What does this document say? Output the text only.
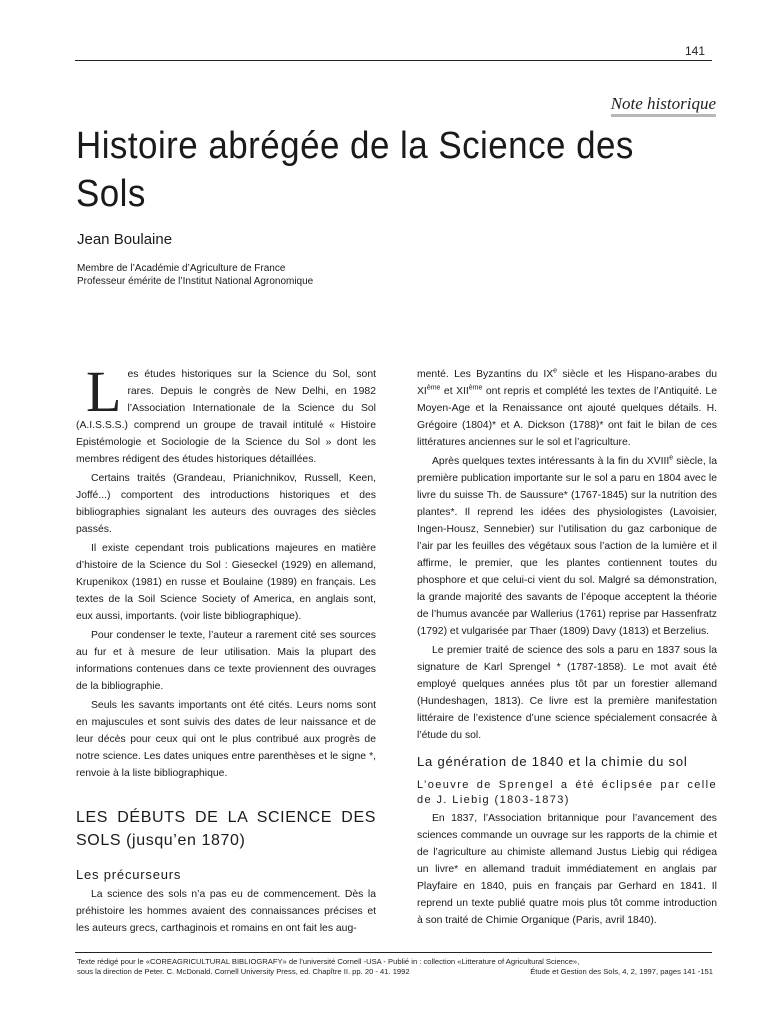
141
Note historique
Histoire abrégée de la Science des Sols
Jean Boulaine
Membre de l’Académie d’Agriculture de France
Professeur émérite de l’Institut National Agronomique

Les études historiques sur la Science du Sol, sont rares. Depuis le congrès de New Delhi, en 1982 l’Association Internationale de la Science du Sol (A.I.S.S.S.) comprend un groupe de travail intitulé « Histoire Epistémologie et Sociologie de la Science du Sol » dont les membres rédigent des études historiques détaillées.

Certains traités (Grandeau, Prianichnikov, Russell, Keen, Joffé...) comportent des introductions historiques et des bibliographies signalant les auteurs des ouvrages des siècles passés.

Il existe cependant trois publications majeures en matière d’histoire de la Science du Sol : Gieseckel (1929) en allemand, Krupenikox (1981) en russe et Boulaine (1989) en français. Les textes de la Soil Science Society of America, en anglais sont, eux aussi, importants. (voir liste bibliographique).

Pour condenser le texte, l’auteur a rarement cité ses sources au fur et à mesure de leur utilisation. Mais la plupart des informations contenues dans ce texte proviennent des ouvrages de la bibliographie.

Seuls les savants importants ont été cités. Leurs noms sont en majuscules et sont suivis des dates de leur naissance et de leur décès pour ceux qui ont le plus contribué aux progrès de notre science. Les dates uniques entre parenthèses et le signe *, renvoie à la liste bibliographique.

LES DÉBUTS DE LA SCIENCE DES SOLS (jusqu’en 1870)
Les précurseurs

La science des sols n’a pas eu de commencement. Dès la préhistoire les hommes avaient des connaissances précises et les auteurs grecs, carthaginois et romains en ont fait les aug-

menté. Les Byzantins du IXe siècle et les Hispano-arabes du XIème et XIIème ont repris et complété les textes de l’Antiquité. Le Moyen-Age et la Renaissance ont ajouté quelques détails. H. Grégoire (1804)* et A. Dickson (1788)* ont fait le bilan de ces littératures anciennes sur le sol et l’agriculture.

Après quelques textes intéressants à la fin du XVIIIe siècle, la première publication importante sur le sol a paru en 1804 avec le livre du suisse Th. de Saussure* (1767-1845) sur la nutrition des plantes*. Il reprend les idées des physiologistes (Lavoisier, Ingen-Housz, Sennebier) sur l’utilisation du gaz carbonique de l’air par les feuilles des végétaux sous l’action de la lumière et il affirme, le premier, que les plantes contiennent toutes du phosphore et que celui-ci vient du sol. Malgré sa démonstration, la grande majorité des savants de l’époque acceptent la théorie de l’humus avancée par Wallerius (1761) reprise par Hassenfratz (1792) et vulgarisée par Thaer (1809) Davy (1813) et Berzelius.

Le premier traité de science des sols a paru en 1837 sous la signature de Karl Sprengel * (1787-1858). Le mot avait été employé quelques années plus tôt par un forestier allemand (Hundeshagen, 1813). Ce livre est la première manifestation littéraire de l’existence d’une science spécialement consacrée à l’étude du sol.

La génération de 1840 et la chimie du sol
L’oeuvre de Sprengel a été éclipsée par celle de J. Liebig (1803-1873)

En 1837, l’Association britannique pour l’avancement des sciences commande un ouvrage sur les rapports de la chimie et de l’agriculture au chimiste allemand Justus Liebig qui rédigea un livre* en allemand traduit immédiatement en anglais par Playfaire en 1840, puis en français par Gerhard en 1841. Il reprend un texte publié quatre mois plus tôt comme introduction à son traité de Chimie Organique (Paris, avril 1840).

Texte rédigé pour le «COREAGRICULTURAL BIBLIOGRAFY» de l’université Cornell -USA - Publié in : collection «Litterature of Agricultural Science»,
sous la direction de Peter. C. McDonald. Cornell University Press, ed. Chapître II. pp. 20 - 41. 1992	Étude et Gestion des Sols, 4, 2, 1997, pages 141 -151
